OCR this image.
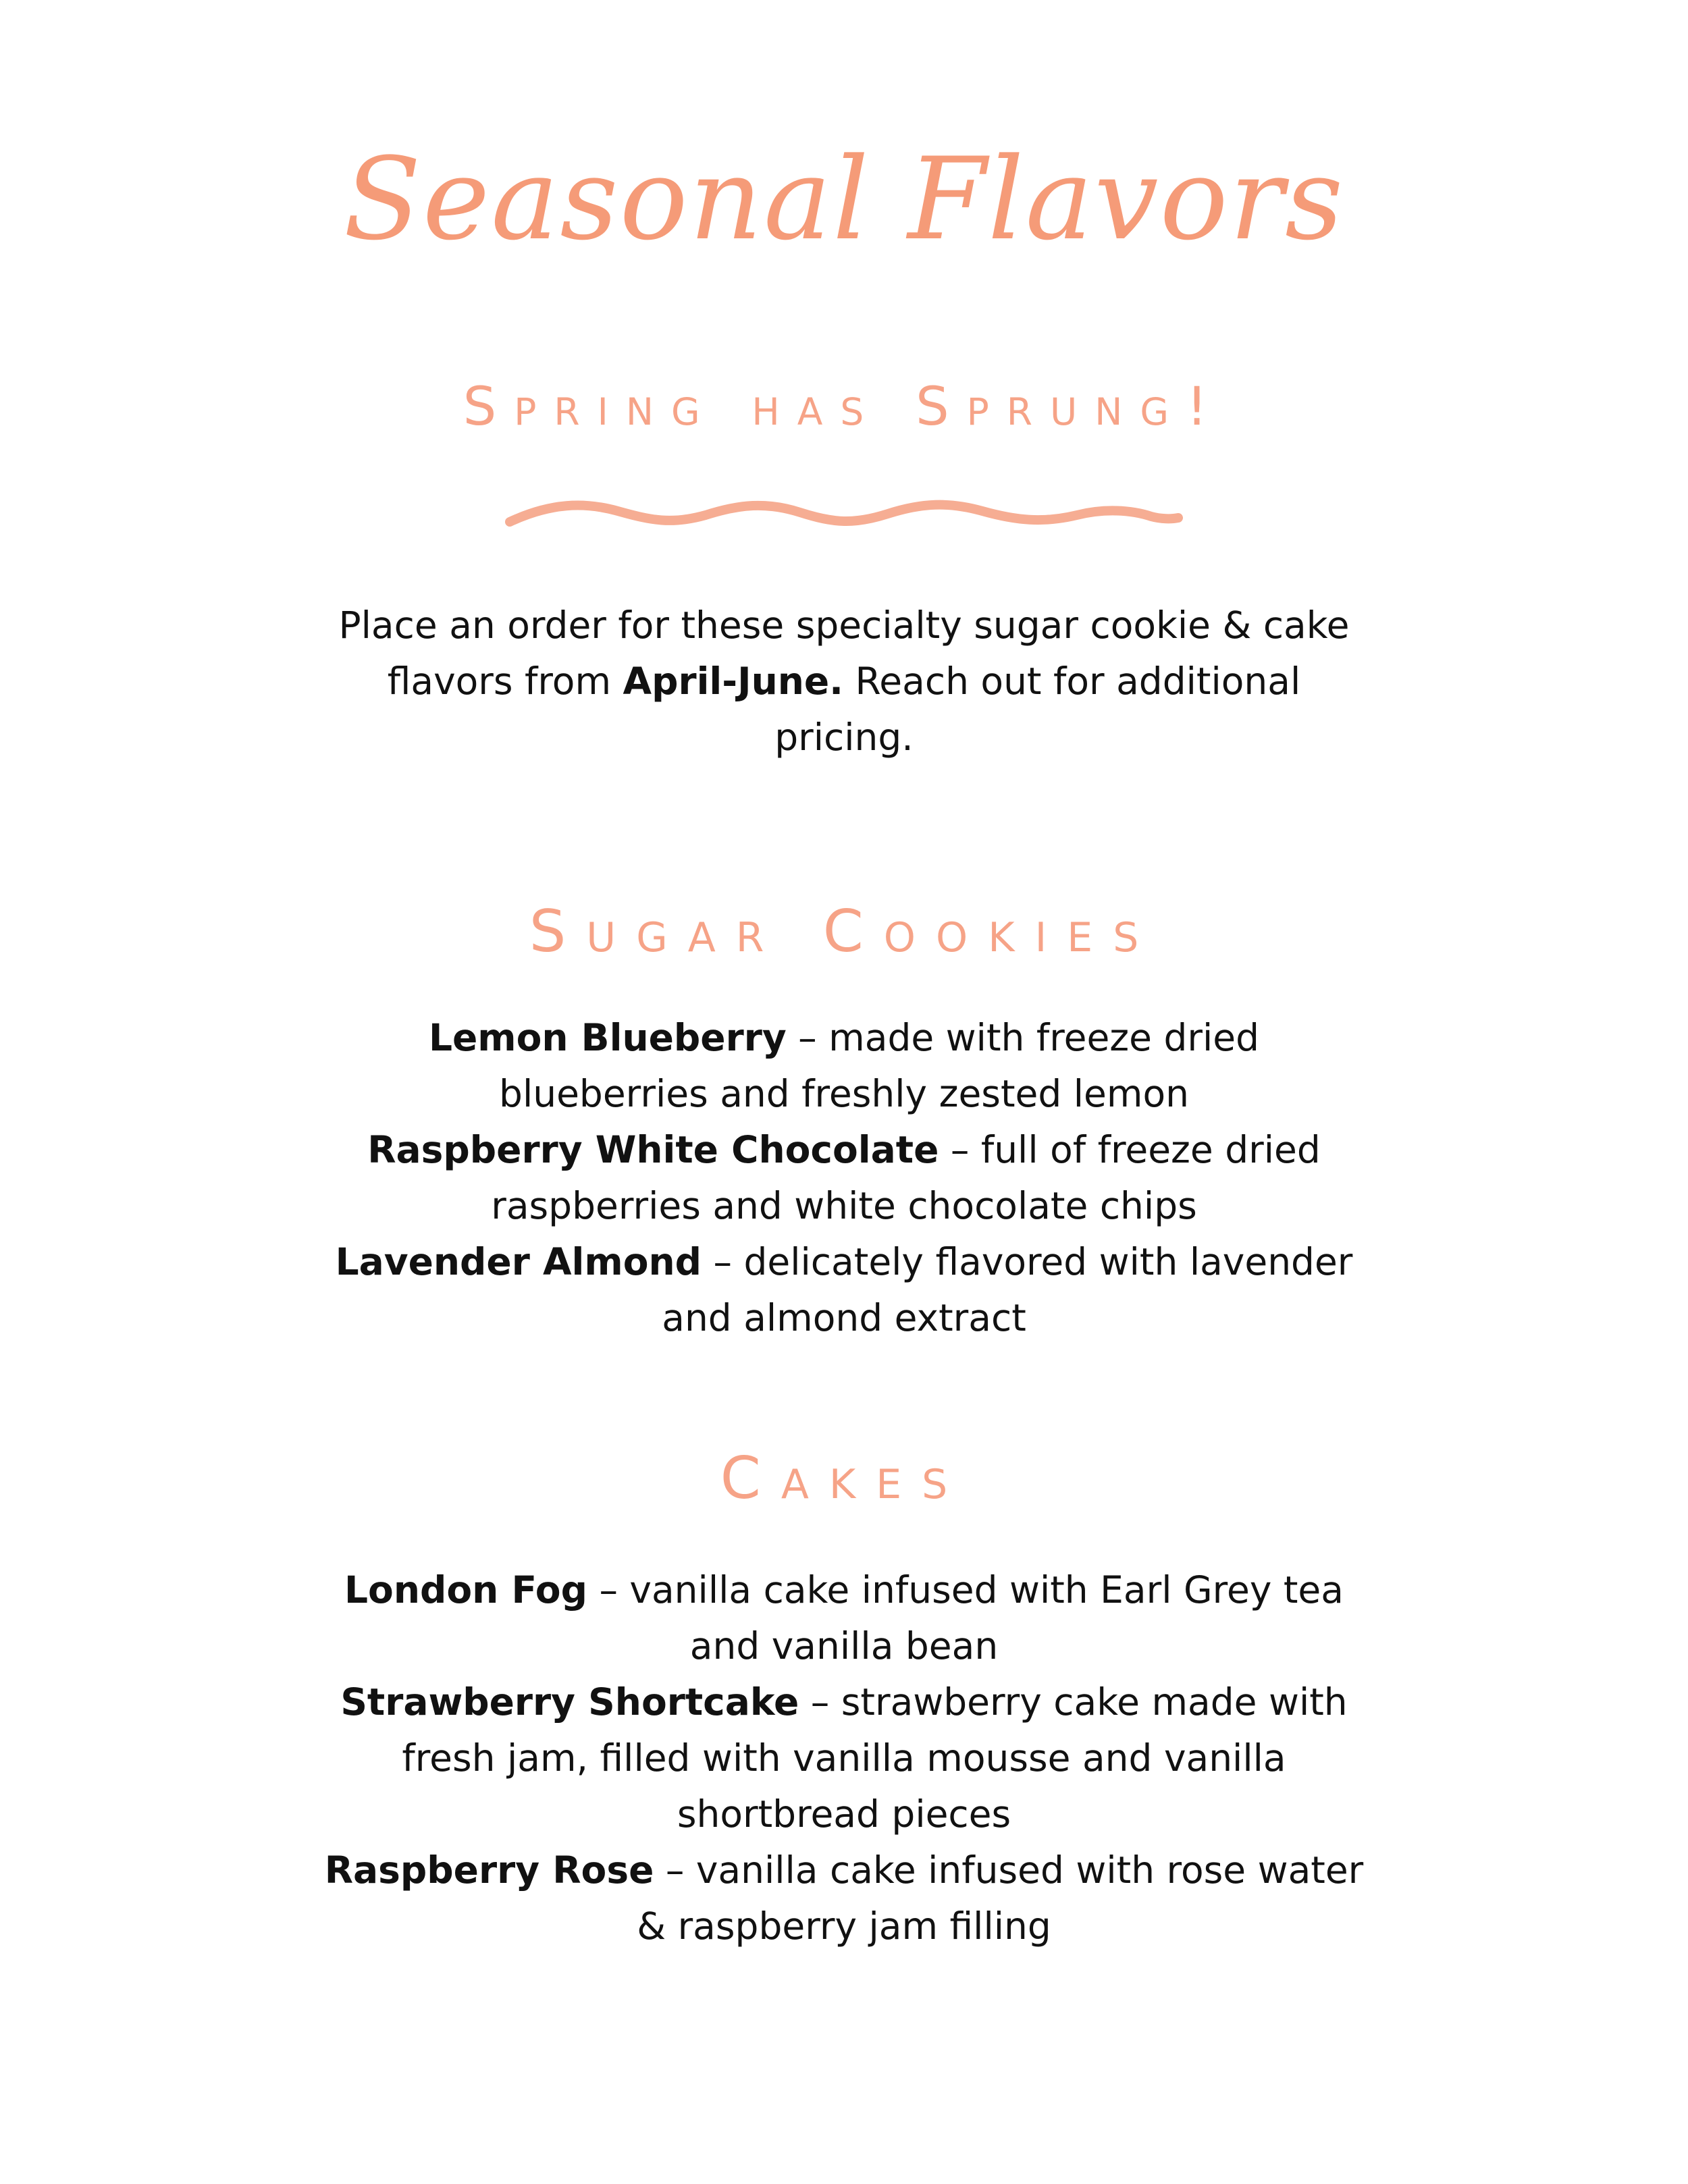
Seasonal Flavors
Spring has Sprung!
Place an order for these specialty sugar cookie & cake flavors from April-June. Reach out for additional pricing.
Sugar Cookies

Lemon Blueberry – made with freeze dried blueberries and freshly zested lemon

Raspberry White Chocolate – full of freeze dried raspberries and white chocolate chips

Lavender Almond – delicately flavored with lavender and almond extract

Cakes

London Fog – vanilla cake infused with Earl Grey tea and vanilla bean

Strawberry Shortcake – strawberry cake made with fresh jam, filled with vanilla mousse and vanilla shortbread pieces

Raspberry Rose – vanilla cake infused with rose water & raspberry jam filling
